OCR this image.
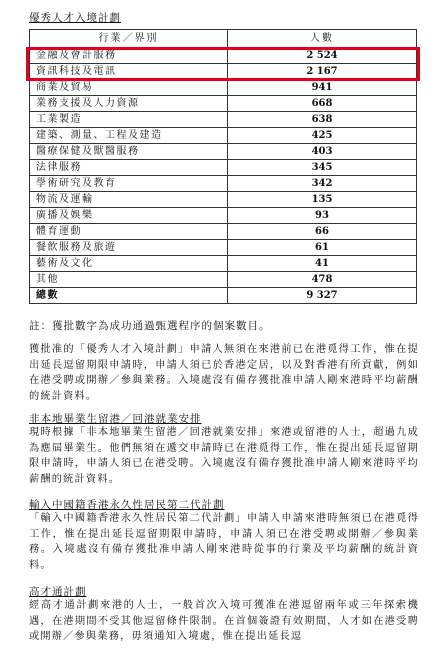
優秀人才入境計劃
行業／界別	人數
金融及會計服務	2 524
資訊科技及電訊	2 167
商業及貿易	941
業務支援及人力資源	668
工業製造	638
建築、測量、工程及建造	425
醫療保健及獸醫服務	403
法律服務	345
學術研究及教育	342
物流及運輸	135
廣播及娛樂	93
體育運動	66
餐飲服務及旅遊	61
藝術及文化	41
其他	478
總數	9 327
註：獲批數字為成功通過甄選程序的個案數目。

獲批准的「優秀人才入境計劃」申請人無須在來港前已在港覓得工作，惟在提出延長逗留期限申請時，申請人須已於香港定居，以及對香港有所貢獻，例如在港受聘或開辦／參與業務。入境處沒有備存獲批准申請人剛來港時平均薪酬的統計資料。

非本地畢業生留港／回港就業安排

現時根據「非本地畢業生留港／回港就業安排」來港或留港的人士，超過九成為應屆畢業生。他們無須在遞交申請時已在港覓得工作，惟在提出延長逗留期限申請時，申請人須已在港受聘。入境處沒有備存獲批准申請人剛來港時平均薪酬的統計資料。

輸入中國籍香港永久性居民第二代計劃

「輸入中國籍香港永久性居民第二代計劃」申請人申請來港時無須已在港覓得工作，惟在提出延長逗留期限申請時，申請人須已在港受聘或開辦／參與業務。入境處沒有備存獲批准申請人剛來港時從事的行業及平均薪酬的統計資料。

高才通計劃

經高才通計劃來港的人士，一般首次入境可獲准在港逗留兩年或三年探索機遇，在港期間不受其他逗留條件限制。在首個簽證有效期間，人才如在港受聘或開辦／參與業務，毋須通知入境處，惟在提出延長逗
